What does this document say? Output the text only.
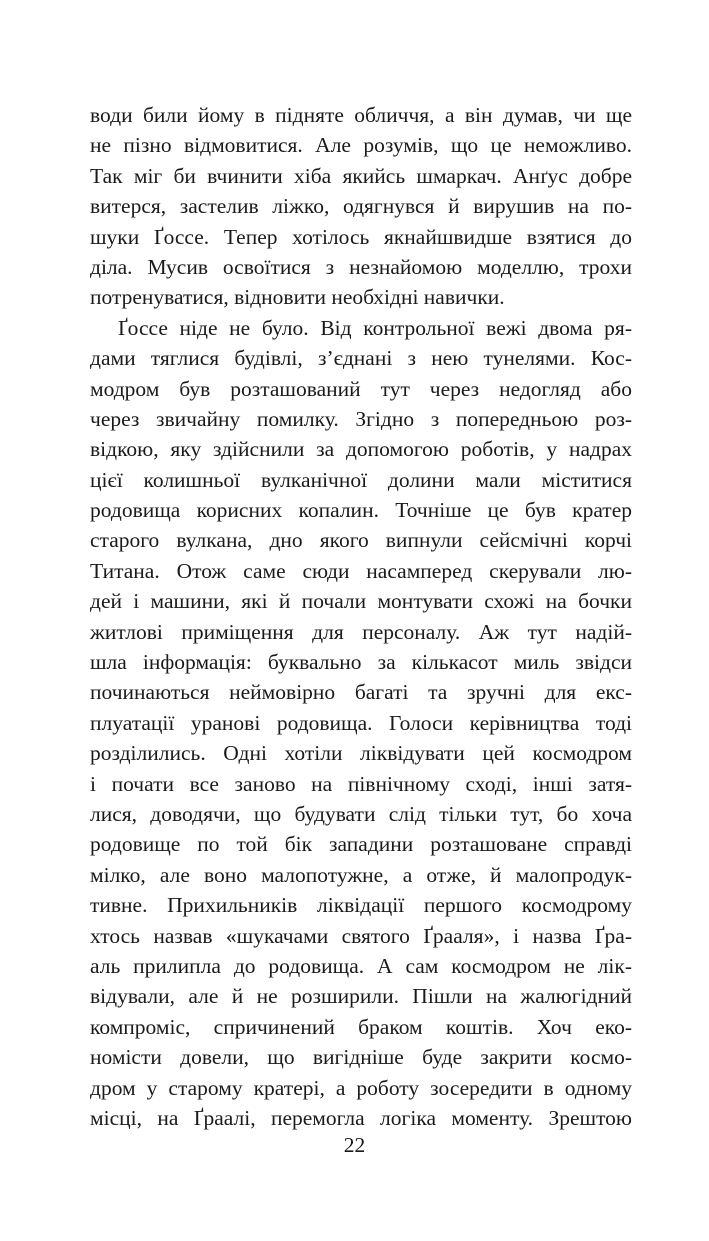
води били йому в підняте обличчя, а він думав, чи ще
не пізно відмовитися. Але розумів, що це неможливо.
Так міг би вчинити хіба якийсь шмаркач. Анґус добре
витерся, застелив ліжко, одягнувся й вирушив на по-
шуки Ґоссе. Тепер хотілось якнайшвидше взятися до
діла. Мусив освоїтися з незнайомою моделлю, трохи
потренуватися, відновити необхідні навички.
Ґоссе ніде не було. Від контрольної вежі двома ря-
дами тяглися будівлі, з’єднані з нею тунелями. Кос-
модром був розташований тут через недогляд або
через звичайну помилку. Згідно з попередньою роз-
відкою, яку здійснили за допомогою роботів, у надрах
цієї колишньої вулканічної долини мали міститися
родовища корисних копалин. Точніше це був кратер
старого вулкана, дно якого випнули сейсмічні корчі
Титана. Отож саме сюди насамперед скерували лю-
дей і машини, які й почали монтувати схожі на бочки
житлові приміщення для персоналу. Аж тут надій-
шла інформація: буквально за кількасот миль звідси
починаються неймовірно багаті та зручні для екс-
плуатації уранові родовища. Голоси керівництва тоді
розділились. Одні хотіли ліквідувати цей космодром
і почати все заново на північному сході, інші затя-
лися, доводячи, що будувати слід тільки тут, бо хоча
родовище по той бік западини розташоване справді
мілко, але воно малопотужне, а отже, й малопродук-
тивне. Прихильників ліквідації першого космодрому
хтось назвав «шукачами святого Ґрааля», і назва Ґра-
аль прилипла до родовища. А сам космодром не лік-
відували, але й не розширили. Пішли на жалюгідний
компроміс, спричинений браком коштів. Хоч еко-
номісти довели, що вигідніше буде закрити космо-
дром у старому кратері, а роботу зосередити в одному
місці, на Ґраалі, перемогла логіка моменту. Зрештою
22
